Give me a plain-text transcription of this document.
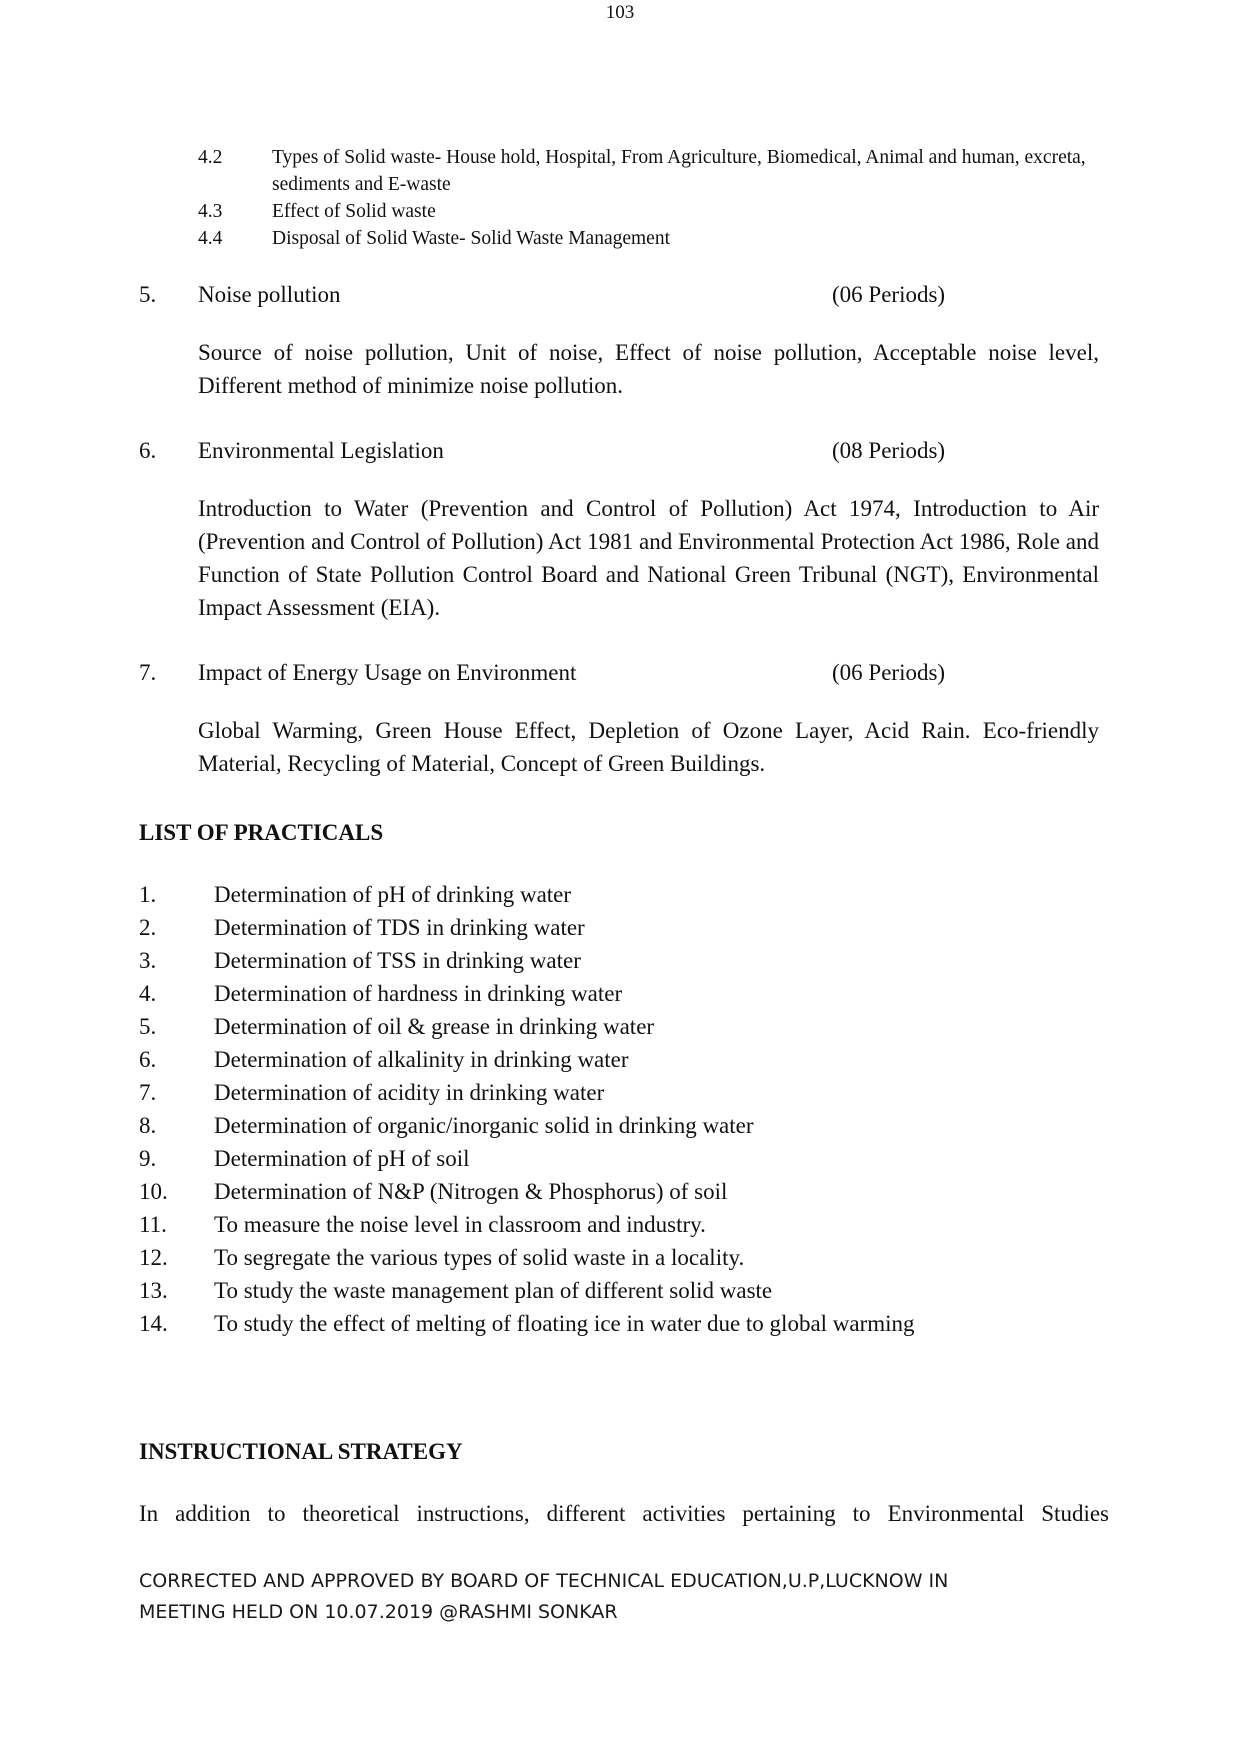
103
4.2	Types of Solid waste- House hold, Hospital, From Agriculture, Biomedical, Animal and human, excreta, sediments and E-waste
4.3	Effect of Solid waste
4.4	Disposal of Solid Waste- Solid Waste Management
5.	Noise pollution	(06 Periods)
Source of noise pollution, Unit of noise, Effect of noise pollution, Acceptable noise level, Different method of minimize noise pollution.
6.	Environmental Legislation	(08 Periods)
Introduction to Water (Prevention and Control of Pollution) Act 1974, Introduction to Air (Prevention and Control of Pollution) Act 1981 and Environmental Protection Act 1986, Role and Function of State Pollution Control Board and National Green Tribunal (NGT), Environmental Impact Assessment (EIA).
7.	Impact of Energy Usage on Environment	(06 Periods)
Global Warming, Green House Effect, Depletion of Ozone Layer, Acid Rain. Eco-friendly Material, Recycling of Material, Concept of Green Buildings.
LIST OF PRACTICALS
1.	Determination of pH of drinking water
2.	Determination of TDS in drinking water
3.	Determination of TSS in drinking water
4.	Determination of hardness in drinking water
5.	Determination of oil & grease in drinking water
6.	Determination of alkalinity in drinking water
7.	Determination of acidity in drinking water
8.	Determination of organic/inorganic solid in drinking water
9.	Determination of pH of soil
10.	Determination of N&P (Nitrogen & Phosphorus) of soil
11.	To measure the noise level in classroom and industry.
12.	To segregate the various types of solid waste in a locality.
13.	To study the waste management plan of different solid waste
14.	To study the effect of melting of floating ice in water due to global warming
INSTRUCTIONAL STRATEGY
In addition to theoretical instructions, different activities pertaining to Environmental Studies
CORRECTED AND APPROVED BY BOARD OF TECHNICAL EDUCATION,U.P,LUCKNOW IN
MEETING HELD ON 10.07.2019 @RASHMI SONKAR
